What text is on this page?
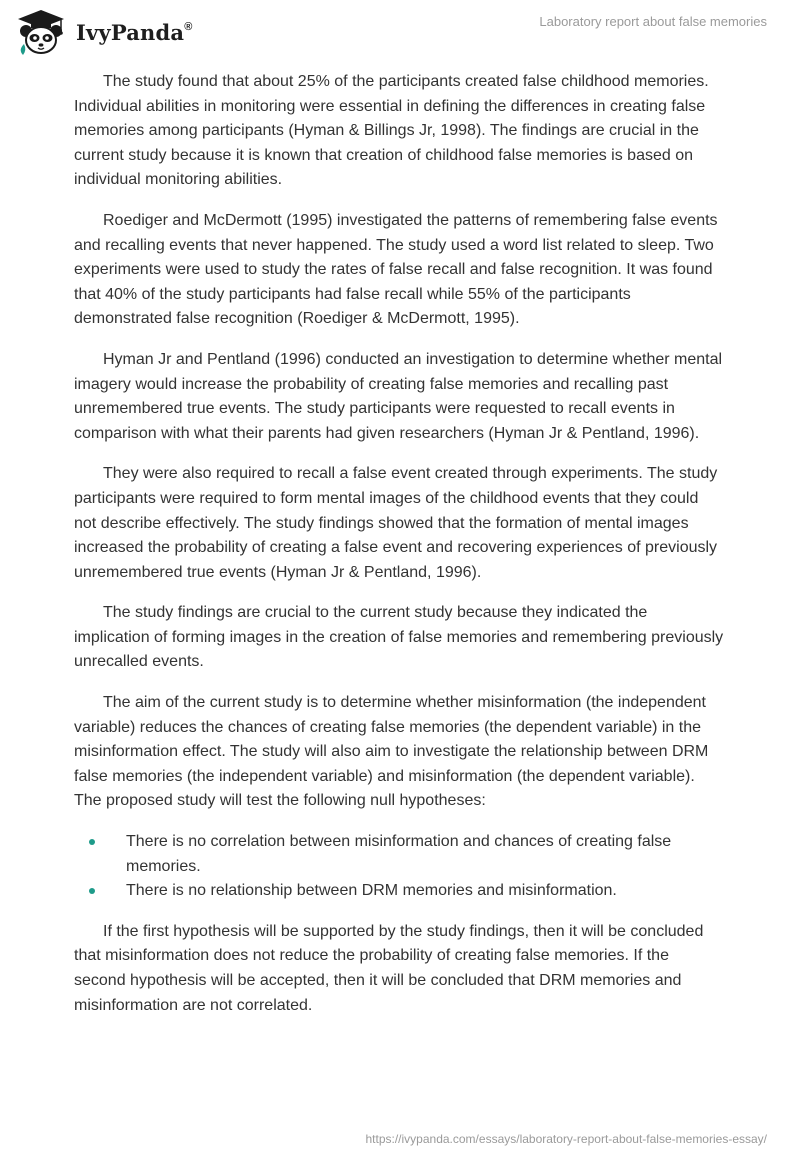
IvyPanda®	Laboratory report about false memories

The study found that about 25% of the participants created false childhood memories. Individual abilities in monitoring were essential in defining the differences in creating false memories among participants (Hyman & Billings Jr, 1998). The findings are crucial in the current study because it is known that creation of childhood false memories is based on individual monitoring abilities.

Roediger and McDermott (1995) investigated the patterns of remembering false events and recalling events that never happened. The study used a word list related to sleep. Two experiments were used to study the rates of false recall and false recognition. It was found that 40% of the study participants had false recall while 55% of the participants demonstrated false recognition (Roediger & McDermott, 1995).

Hyman Jr and Pentland (1996) conducted an investigation to determine whether mental imagery would increase the probability of creating false memories and recalling past unremembered true events. The study participants were requested to recall events in comparison with what their parents had given researchers (Hyman Jr & Pentland, 1996).

They were also required to recall a false event created through experiments. The study participants were required to form mental images of the childhood events that they could not describe effectively. The study findings showed that the formation of mental images increased the probability of creating a false event and recovering experiences of previously unremembered true events (Hyman Jr & Pentland, 1996).

The study findings are crucial to the current study because they indicated the implication of forming images in the creation of false memories and remembering previously unrecalled events.

The aim of the current study is to determine whether misinformation (the independent variable) reduces the chances of creating false memories (the dependent variable) in the misinformation effect. The study will also aim to investigate the relationship between DRM false memories (the independent variable) and misinformation (the dependent variable). The proposed study will test the following null hypotheses:

There is no correlation between misinformation and chances of creating false memories.
There is no relationship between DRM memories and misinformation.

If the first hypothesis will be supported by the study findings, then it will be concluded that misinformation does not reduce the probability of creating false memories. If the second hypothesis will be accepted, then it will be concluded that DRM memories and misinformation are not correlated.

https://ivypanda.com/essays/laboratory-report-about-false-memories-essay/
